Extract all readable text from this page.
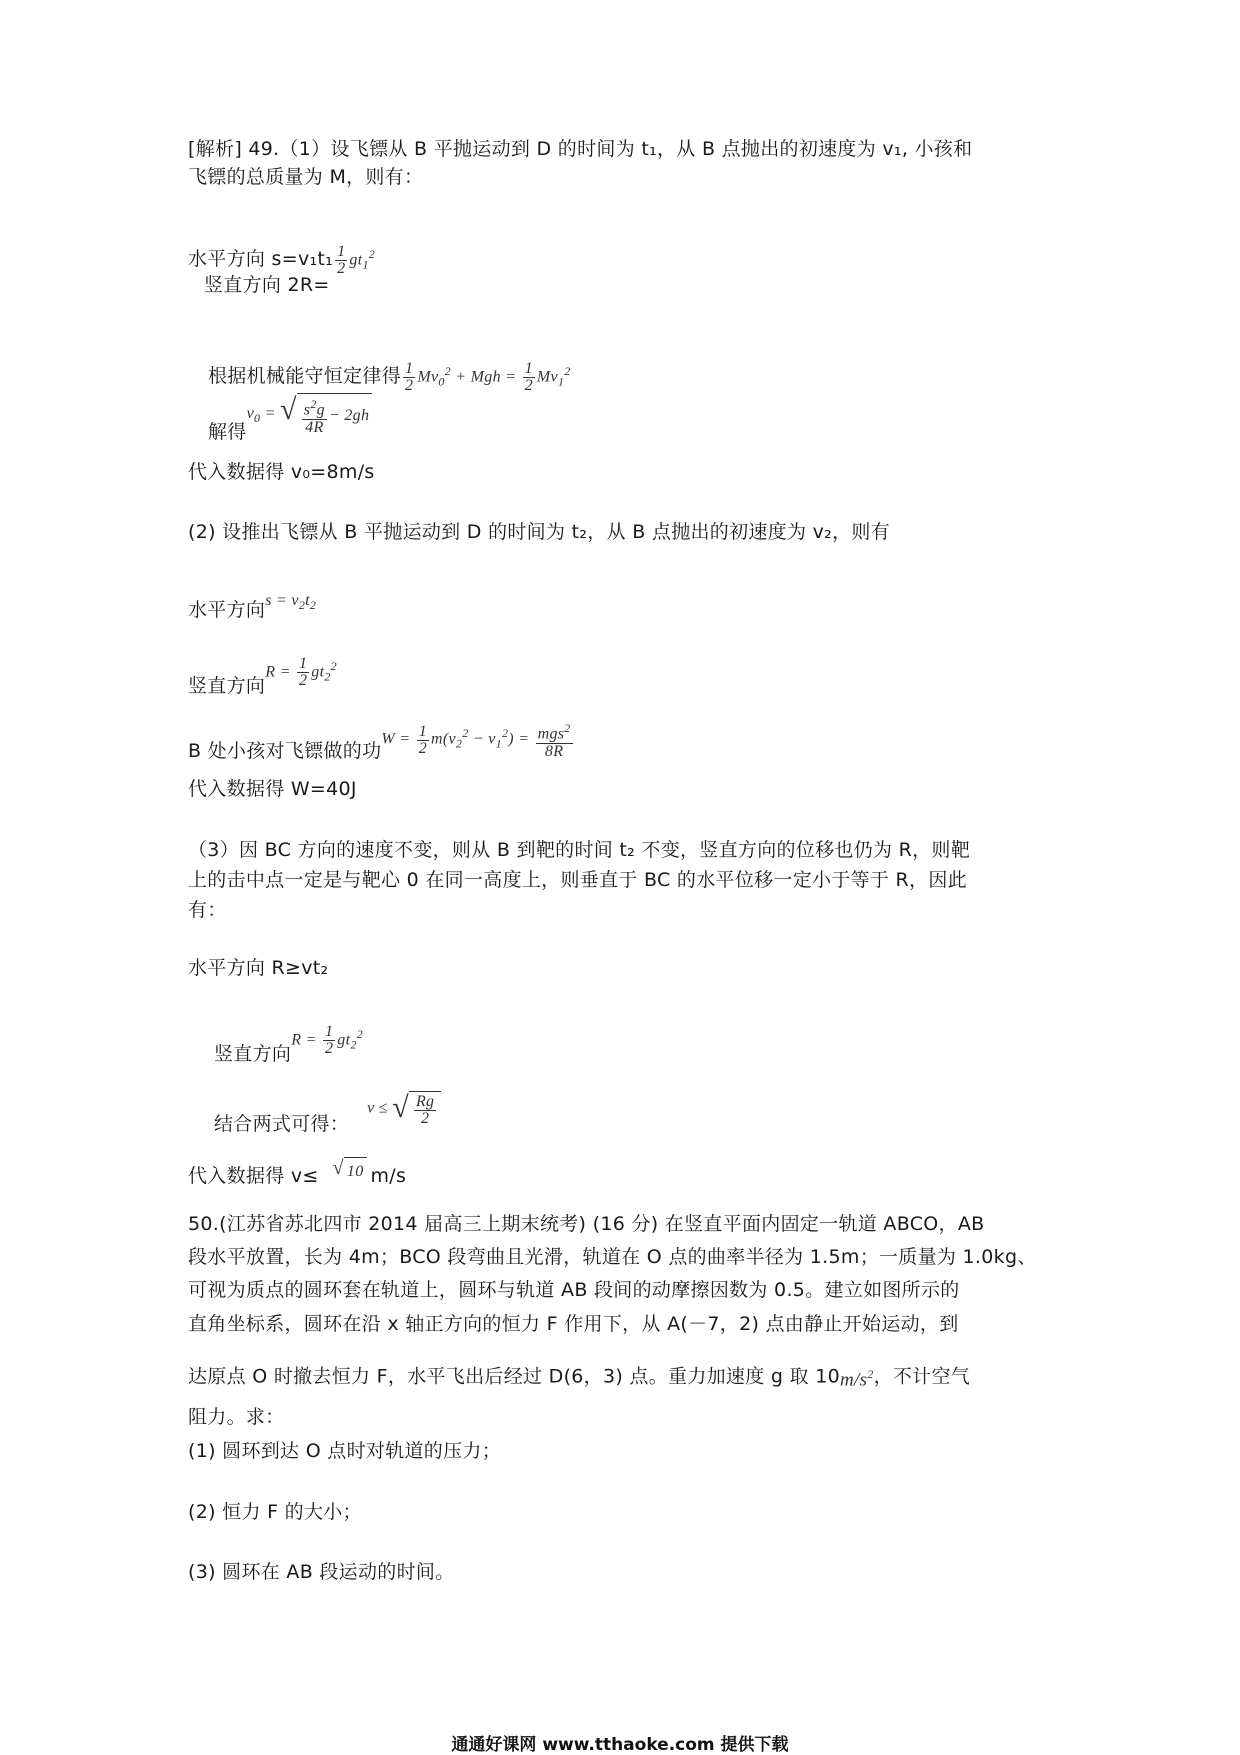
[解析] 49.（1）设飞镖从 B 平抛运动到 D 的时间为 t₁，从 B 点抛出的初速度为 v₁, 小孩和
飞镖的总质量为 M，则有：
水平方向 $s=v_1t_1 \frac{1}{2} gt_1^2$
竖直方向 2R=
根据机械能守恒定律得 $\frac{1}{2} Mv_0^2$ + Mgh = $\frac{1}{2} Mv_1^2$
解得$v_0$ = √ $\frac{s^2g}{4R} - 2gh$
代入数据得 v₀=8m/s
(2) 设推出飞镖从 B 平抛运动到 D 的时间为 t₂，从 B 点抛出的初速度为 v₂，则有
水平方向$s = v_2t_2$
竖直方向$R = \frac{1}{2} gt_2^2$
B 处小孩对飞镖做的功$W = \frac{1}{2} m(v_2^2 - v_1^2) = \frac{mgs^2}{8R}$
代入数据得 W=40J
（3）因 BC 方向的速度不变，则从 B 到靶的时间 t₂ 不变，竖直方向的位移也仍为 R，则靶
上的击中点一定是与靶心 0 在同一高度上，则垂直于 BC 的水平位移一定小于等于 R，因此
有：
水平方向 R≥vt₂
竖直方向$R = \frac{1}{2} gt_2^2$
结合两式可得：v ≤ √ $\frac{Rg}{2}$
代入数据得 v≤ √ 10 m/s
50.(江苏省苏北四市 2014 届高三上期末统考) (16 分) 在竖直平面内固定一轨道 ABCO，AB
段水平放置，长为 4m；BCO 段弯曲且光滑，轨道在 O 点的曲率半径为 1.5m；一质量为 1.0kg、
可视为质点的圆环套在轨道上，圆环与轨道 AB 段间的动摩擦因数为 0.5。建立如图所示的
直角坐标系，圆环在沿 x 轴正方向的恒力 F 作用下，从 A(－7，2) 点由静止开始运动，到
达原点 O 时撤去恒力 F，水平飞出后经过 D(6，3) 点。重力加速度 g 取 $10m/s^2$，不计空气
阻力。求：
(1) 圆环到达 O 点时对轨道的压力；
(2) 恒力 F 的大小；
(3) 圆环在 AB 段运动的时间。
通通好课网 www.tthaoke.com 提供下载
